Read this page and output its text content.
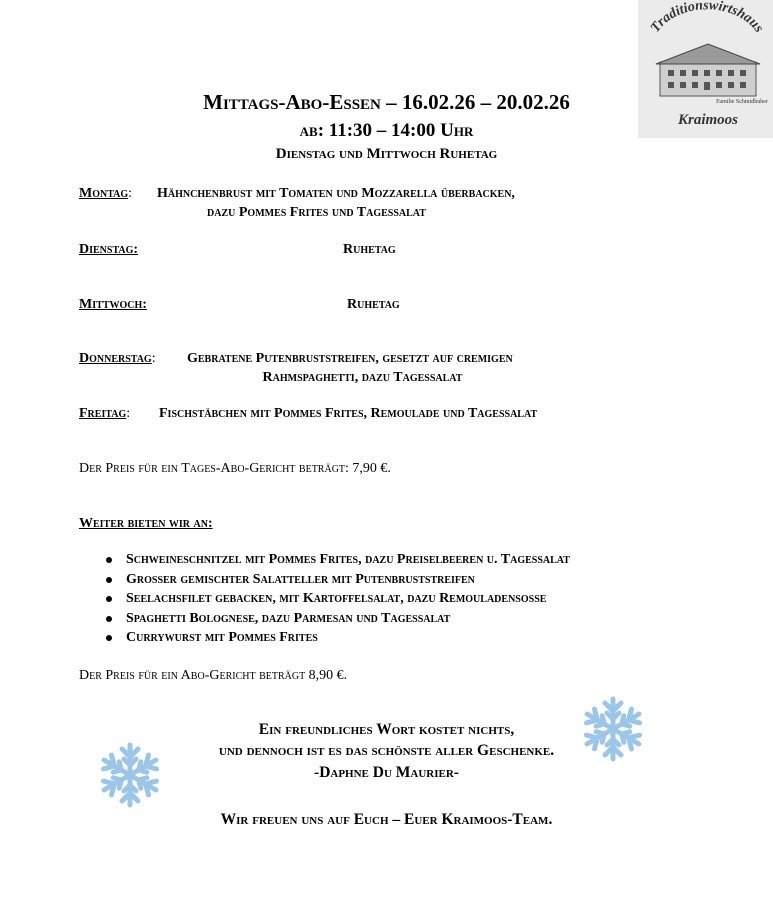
Traditionswirtshaus
Familie Schmidhuber
Kraimoos
Mittags-Abo-Essen – 16.02.26 – 20.02.26
ab: 11:30 – 14:00 Uhr
Dienstag und Mittwoch Ruhetag
Montag: Hähnchenbrust mit Tomaten und Mozzarella überbacken,
dazu Pommes Frites und Tagessalat
Dienstag:	Ruhetag
Mittwoch:	Ruhetag
Donnerstag: Gebratene Putenbruststreifen, gesetzt auf cremigen
Rahmspaghetti, dazu Tagessalat
Freitag: Fischstäbchen mit Pommes Frites, Remoulade und Tagessalat
Der Preis für ein Tages-Abo-Gericht beträgt: 7,90 €.
Weiter bieten wir an:
Schweineschnitzel mit Pommes Frites, dazu Preiselbeeren u. Tagessalat
Großer gemischter Salatteller mit Putenbruststreifen
Seelachsfilet gebacken, mit Kartoffelsalat, dazu Remouladensoße
Spaghetti Bolognese, dazu Parmesan und Tagessalat
Currywurst mit Pommes Frites
Der Preis für ein Abo-Gericht beträgt 8,90 €.
Ein freundliches Wort kostet nichts,
und dennoch ist es das schönste aller Geschenke.
-Daphne Du Maurier-
Wir freuen uns auf Euch – Euer Kraimoos-Team.
